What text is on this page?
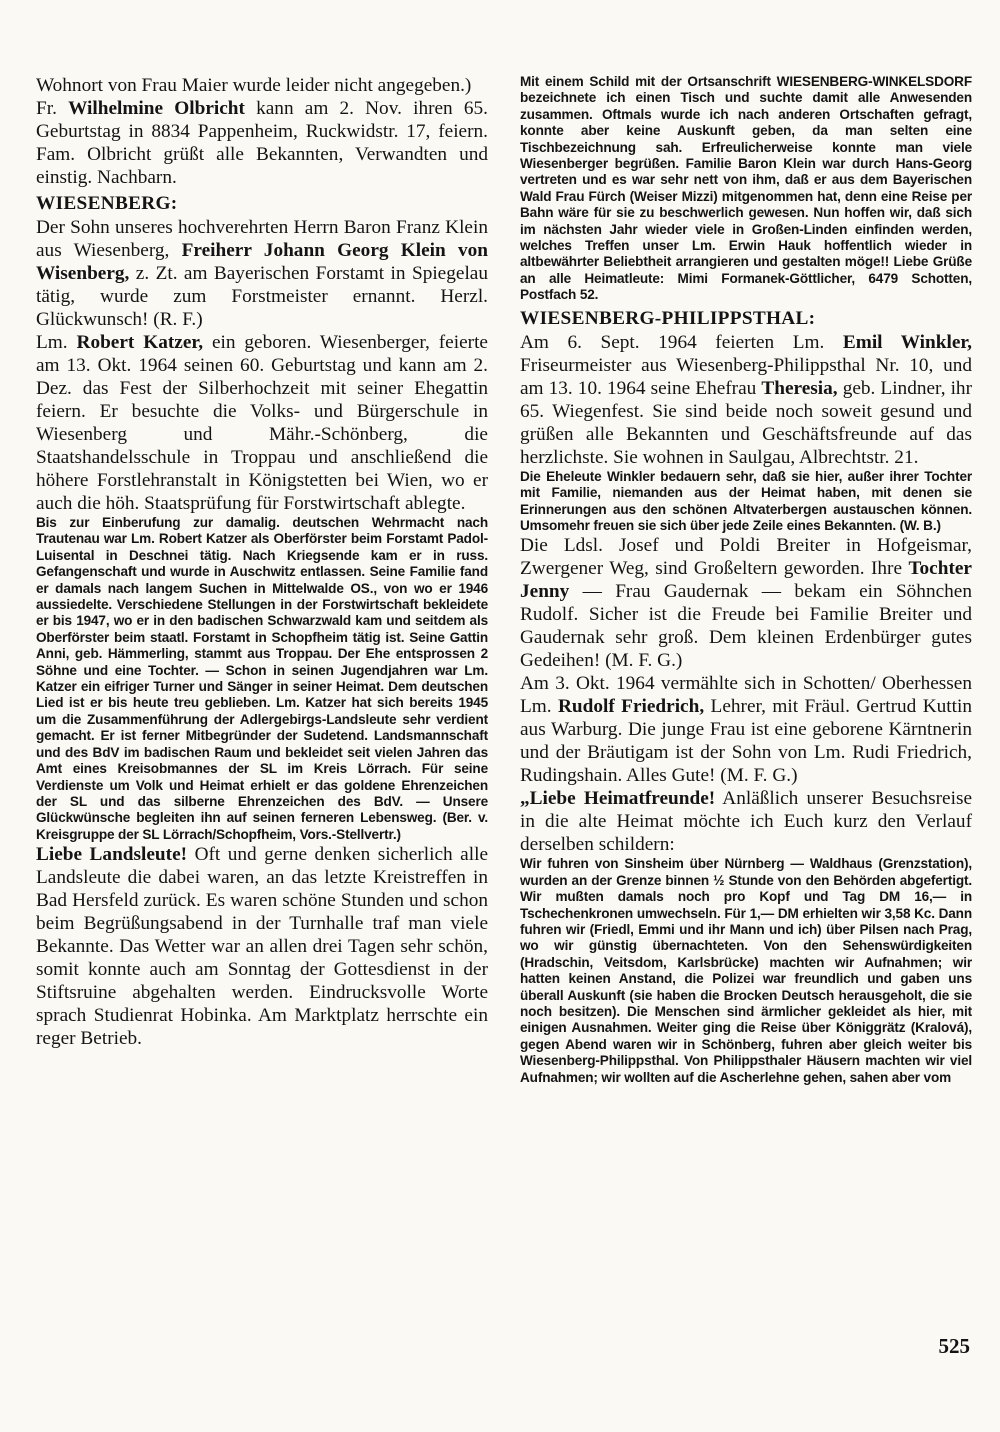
Wohnort von Frau Maier wurde leider nicht angegeben.)

Fr. Wilhelmine Olbricht kann am 2. Nov. ihren 65. Geburtstag in 8834 Pappenheim, Ruckwidstr. 17, feiern. Fam. Olbricht grüßt alle Bekannten, Verwandten und einstig. Nachbarn.

WIESENBERG:

Der Sohn unseres hochverehrten Herrn Baron Franz Klein aus Wiesenberg, Freiherr Johann Georg Klein von Wisenberg, z. Zt. am Bayerischen Forstamt in Spiegelau tätig, wurde zum Forstmeister ernannt. Herzl. Glückwunsch! (R. F.)

Lm. Robert Katzer, ein geboren. Wiesenberger, feierte am 13. Okt. 1964 seinen 60. Geburtstag und kann am 2. Dez. das Fest der Silberhochzeit mit seiner Ehegattin feiern. Er besuchte die Volks- und Bürgerschule in Wiesenberg und Mähr.-Schönberg, die Staatshandelsschule in Troppau und anschließend die höhere Forstlehranstalt in Königstetten bei Wien, wo er auch die höh. Staatsprüfung für Forstwirtschaft ablegte.

Bis zur Einberufung zur damalig. deutschen Wehrmacht nach Trautenau war Lm. Robert Katzer als Oberförster beim Forstamt Padol-Luisental in Deschnei tätig. Nach Kriegsende kam er in russ. Gefangenschaft und wurde in Auschwitz entlassen. Seine Familie fand er damals nach langem Suchen in Mittelwalde OS., von wo er 1946 aussiedelte. Verschiedene Stellungen in der Forstwirtschaft bekleidete er bis 1947, wo er in den badischen Schwarzwald kam und seitdem als Oberförster beim staatl. Forstamt in Schopfheim tätig ist. Seine Gattin Anni, geb. Hämmerling, stammt aus Troppau. Der Ehe entsprossen 2 Söhne und eine Tochter. — Schon in seinen Jugendjahren war Lm. Katzer ein eifriger Turner und Sänger in seiner Heimat. Dem deutschen Lied ist er bis heute treu geblieben. Lm. Katzer hat sich bereits 1945 um die Zusammenführung der Adlergebirgs-Landsleute sehr verdient gemacht. Er ist ferner Mitbegründer der Sudetend. Landsmannschaft und des BdV im badischen Raum und bekleidet seit vielen Jahren das Amt eines Kreisobmannes der SL im Kreis Lörrach. Für seine Verdienste um Volk und Heimat erhielt er das goldene Ehrenzeichen der SL und das silberne Ehrenzeichen des BdV. — Unsere Glückwünsche begleiten ihn auf seinen ferneren Lebensweg. (Ber. v. Kreisgruppe der SL Lörrach/Schopfheim, Vors.-Stellvertr.)

Liebe Landsleute! Oft und gerne denken sicherlich alle Landsleute die dabei waren, an das letzte Kreistreffen in Bad Hersfeld zurück. Es waren schöne Stunden und schon beim Begrüßungsabend in der Turnhalle traf man viele Bekannte. Das Wetter war an allen drei Tagen sehr schön, somit konnte auch am Sonntag der Gottesdienst in der Stiftsruine abgehalten werden. Eindrucksvolle Worte sprach Studienrat Hobinka. Am Marktplatz herrschte ein reger Betrieb.

Mit einem Schild mit der Ortsanschrift WIESENBERG-WINKELSDORF bezeichnete ich einen Tisch und suchte damit alle Anwesenden zusammen. Oftmals wurde ich nach anderen Ortschaften gefragt, konnte aber keine Auskunft geben, da man selten eine Tischbezeichnung sah. Erfreulicherweise konnte man viele Wiesenberger begrüßen. Familie Baron Klein war durch Hans-Georg vertreten und es war sehr nett von ihm, daß er aus dem Bayerischen Wald Frau Fürch (Weiser Mizzi) mitgenommen hat, denn eine Reise per Bahn wäre für sie zu beschwerlich gewesen. Nun hoffen wir, daß sich im nächsten Jahr wieder viele in Großen-Linden einfinden werden, welches Treffen unser Lm. Erwin Hauk hoffentlich wieder in altbewährter Beliebtheit arrangieren und gestalten möge!! Liebe Grüße an alle Heimatleute: Mimi Formanek-Göttlicher, 6479 Schotten, Postfach 52.

WIESENBERG-PHILIPPSTHAL:

Am 6. Sept. 1964 feierten Lm. Emil Winkler, Friseurmeister aus Wiesenberg-Philippsthal Nr. 10, und am 13. 10. 1964 seine Ehefrau Theresia, geb. Lindner, ihr 65. Wiegenfest. Sie sind beide noch soweit gesund und grüßen alle Bekannten und Geschäftsfreunde auf das herzlichste. Sie wohnen in Saulgau, Albrechtstr. 21.

Die Eheleute Winkler bedauern sehr, daß sie hier, außer ihrer Tochter mit Familie, niemanden aus der Heimat haben, mit denen sie Erinnerungen aus den schönen Altvaterbergen austauschen können. Umsomehr freuen sie sich über jede Zeile eines Bekannten. (W. B.)

Die Ldsl. Josef und Poldi Breiter in Hofgeismar, Zwergener Weg, sind Großeltern geworden. Ihre Tochter Jenny — Frau Gaudernak — bekam ein Söhnchen Rudolf. Sicher ist die Freude bei Familie Breiter und Gaudernak sehr groß. Dem kleinen Erdenbürger gutes Gedeihen! (M. F. G.)

Am 3. Okt. 1964 vermählte sich in Schotten/ Oberhessen Lm. Rudolf Friedrich, Lehrer, mit Fräul. Gertrud Kuttin aus Warburg. Die junge Frau ist eine geborene Kärntnerin und der Bräutigam ist der Sohn von Lm. Rudi Friedrich, Rudingshain. Alles Gute! (M. F. G.)

„Liebe Heimatfreunde! Anläßlich unserer Besuchsreise in die alte Heimat möchte ich Euch kurz den Verlauf derselben schildern:

Wir fuhren von Sinsheim über Nürnberg — Waldhaus (Grenzstation), wurden an der Grenze binnen ½ Stunde von den Behörden abgefertigt. Wir mußten damals noch pro Kopf und Tag DM 16,— in Tschechenkronen umwechseln. Für 1,— DM erhielten wir 3,58 Kc. Dann fuhren wir (Friedl, Emmi und ihr Mann und ich) über Pilsen nach Prag, wo wir günstig übernachteten. Von den Sehenswürdigkeiten (Hradschin, Veitsdom, Karlsbrücke) machten wir Aufnahmen; wir hatten keinen Anstand, die Polizei war freundlich und gaben uns überall Auskunft (sie haben die Brocken Deutsch herausgeholt, die sie noch besitzen). Die Menschen sind ärmlicher gekleidet als hier, mit einigen Ausnahmen. Weiter ging die Reise über Königgrätz (Kralová), gegen Abend waren wir in Schönberg, fuhren aber gleich weiter bis Wiesenberg-Philippsthal. Von Philippsthaler Häusern machten wir viel Aufnahmen; wir wollten auf die Ascherlehne gehen, sahen aber vom

525
